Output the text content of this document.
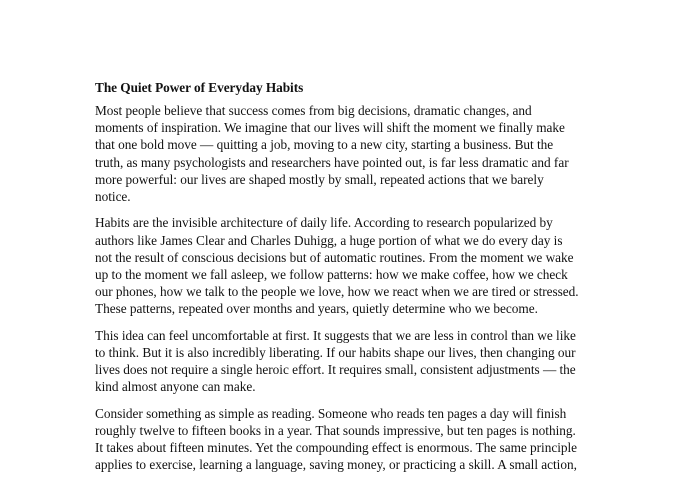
The Quiet Power of Everyday Habits

Most people believe that success comes from big decisions, dramatic changes, and
moments of inspiration. We imagine that our lives will shift the moment we finally make
that one bold move — quitting a job, moving to a new city, starting a business. But the
truth, as many psychologists and researchers have pointed out, is far less dramatic and far
more powerful: our lives are shaped mostly by small, repeated actions that we barely
notice.

Habits are the invisible architecture of daily life. According to research popularized by
authors like James Clear and Charles Duhigg, a huge portion of what we do every day is
not the result of conscious decisions but of automatic routines. From the moment we wake
up to the moment we fall asleep, we follow patterns: how we make coffee, how we check
our phones, how we talk to the people we love, how we react when we are tired or stressed.
These patterns, repeated over months and years, quietly determine who we become.

This idea can feel uncomfortable at first. It suggests that we are less in control than we like
to think. But it is also incredibly liberating. If our habits shape our lives, then changing our
lives does not require a single heroic effort. It requires small, consistent adjustments — the
kind almost anyone can make.

Consider something as simple as reading. Someone who reads ten pages a day will finish
roughly twelve to fifteen books in a year. That sounds impressive, but ten pages is nothing.
It takes about fifteen minutes. Yet the compounding effect is enormous. The same principle
applies to exercise, learning a language, saving money, or practicing a skill. A small action,
